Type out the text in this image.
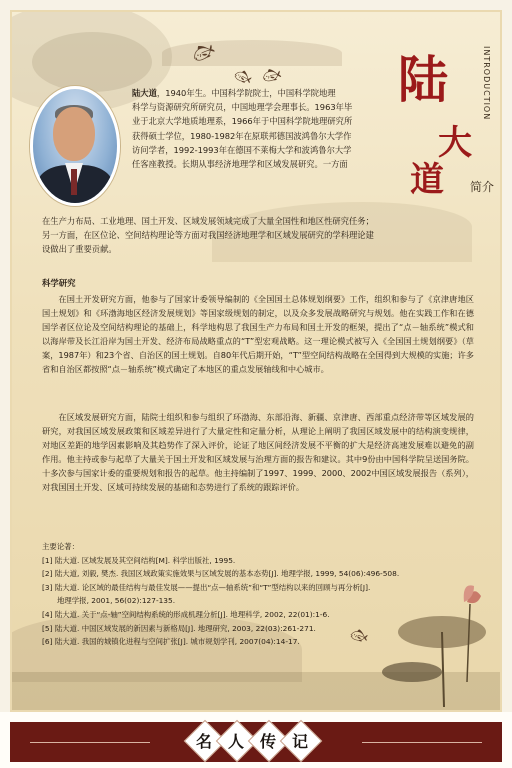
🐟︎
🐟︎ 🐟︎
🐟︎
陆
大
道
INTRODUCTION
简介
陆大道，1940年生。中国科学院院士，中国科学院地理
科学与资源研究所研究员，中国地理学会理事长。1963年毕
业于北京大学地质地理系，1966年于中国科学院地理研究所
获得硕士学位，1980-1982年在原联邦德国波鸿鲁尔大学作
访问学者，1992-1993年在德国不莱梅大学和波鸿鲁尔大学
任客座教授。长期从事经济地理学和区域发展研究。一方面
在生产力布局、工业地理、国土开发、区域发展领域完成了大量全国性和地区性研究任务；
另一方面，在区位论、空间结构理论等方面对我国经济地理学和区域发展研究的学科理论建
设做出了重要贡献。
科学研究
在国土开发研究方面，他参与了国家计委领导编制的《全国国土总体规划纲要》工作，组织和参与了《京津唐地区国土规划》和《环渤海地区经济发展规划》等国家级规划的制定，以及众多发展战略研究与规划。他在实践工作和在德国学者区位论及空间结构理论的基础上，科学地构思了我国生产力布局和国土开发的框架，提出了“点－轴系统”模式和以海岸带及长江沿岸为国土开发、经济布局战略重点的“T”型宏观战略。这一理论模式被写入《全国国土规划纲要》（草案，1987年）和23个省、自治区的国土规划。自80年代后期开始，“T”型空间结构战略在全国得到大规模的实施；许多省和自治区都按照“点－轴系统”模式确定了本地区的重点发展轴线和中心城市。
在区域发展研究方面，陆院士组织和参与组织了环渤海、东部沿海、新疆、京津唐、西部重点经济带等区域发展的研究，对我国区域发展政策和区域差异进行了大量定性和定量分析，从理论上阐明了我国区域发展中的结构演变规律，对地区差距的地学因素影响及其趋势作了深入评价，论证了地区间经济发展不平衡的扩大是经济高速发展难以避免的副作用。他主持或参与起草了大量关于国土开发和区域发展与治理方面的报告和建议。其中9份由中国科学院呈送国务院。十多次参与国家计委的重要规划和报告的起草。他主持编制了1997、1999、2000、2002中国区域发展报告（系列），对我国国土开发、区域可持续发展的基础和态势进行了系统的跟踪评价。
主要论著：
[1] 陆大道. 区域发展及其空间结构[M]. 科学出版社, 1995.
[2] 陆大道, 刘毅, 樊杰. 我国区域政策实施效果与区域发展的基本态势[J]. 地理学报, 1999, 54(06):496-508.
[3] 陆大道. 论区域的最佳结构与最佳发展——提出“点—轴系统”和“T”型结构以来的回顾与再分析[J].
地理学报, 2001, 56(02):127-135.
[4] 陆大道. 关于“点-轴”空间结构系统的形成机理分析[J]. 地理科学, 2002, 22(01):1-6.
[5] 陆大道. 中国区域发展的新因素与新格局[J]. 地理研究, 2003, 22(03):261-271.
[6] 陆大道. 我国的城镇化进程与空间扩张[J]. 城市规划学刊, 2007(04):14-17.
名 人 传 记
